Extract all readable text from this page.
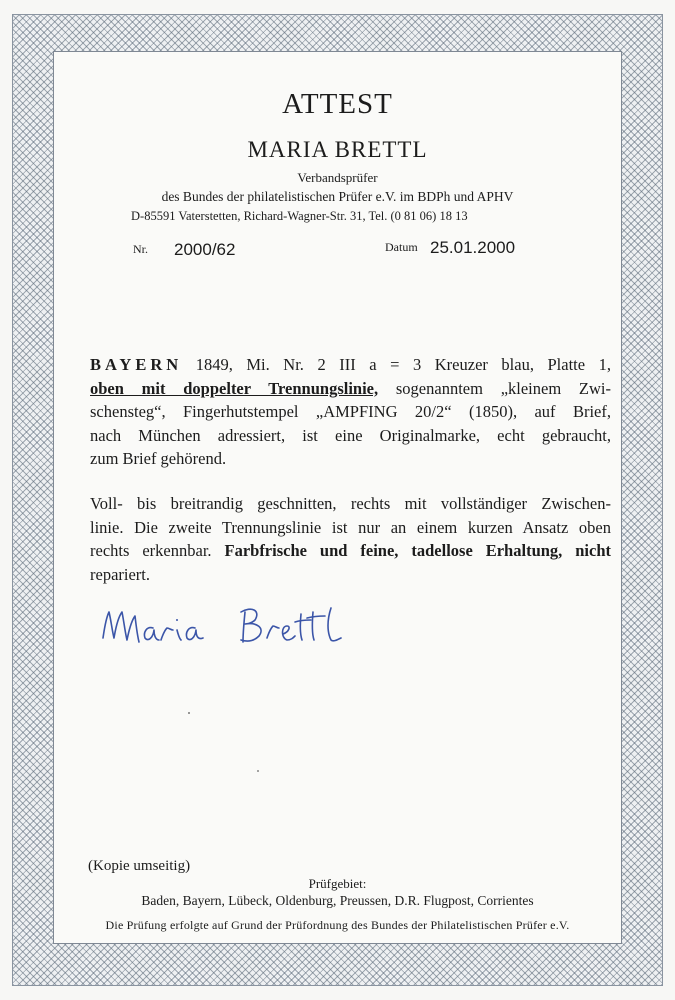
ATTEST
MARIA BRETTL
Verbandsprüfer
des Bundes der philatelistischen Prüfer e.V. im BDPh und APHV
D-85591 Vaterstetten, Richard-Wagner-Str. 31, Tel. (0 81 06) 18 13
Nr. 2000/62	Datum 25.01.2000
BAYERN 1849, Mi. Nr. 2 III a = 3 Kreuzer blau, Platte 1,
oben mit doppelter Trennungslinie, sogenanntem „kleinem Zwi-
schensteg“, Fingerhutstempel „AMPFING 20/2“ (1850), auf Brief,
nach München adressiert, ist eine Originalmarke, echt gebraucht,
zum Brief gehörend.
Voll- bis breitrandig geschnitten, rechts mit vollständiger Zwischen-
linie. Die zweite Trennungslinie ist nur an einem kurzen Ansatz oben
rechts erkennbar. Farbfrische und feine, tadellose Erhaltung, nicht
repariert.
(Kopie umseitig)
Prüfgebiet:
Baden, Bayern, Lübeck, Oldenburg, Preussen, D.R. Flugpost, Corrientes
Die Prüfung erfolgte auf Grund der Prüfordnung des Bundes der Philatelistischen Prüfer e.V.
